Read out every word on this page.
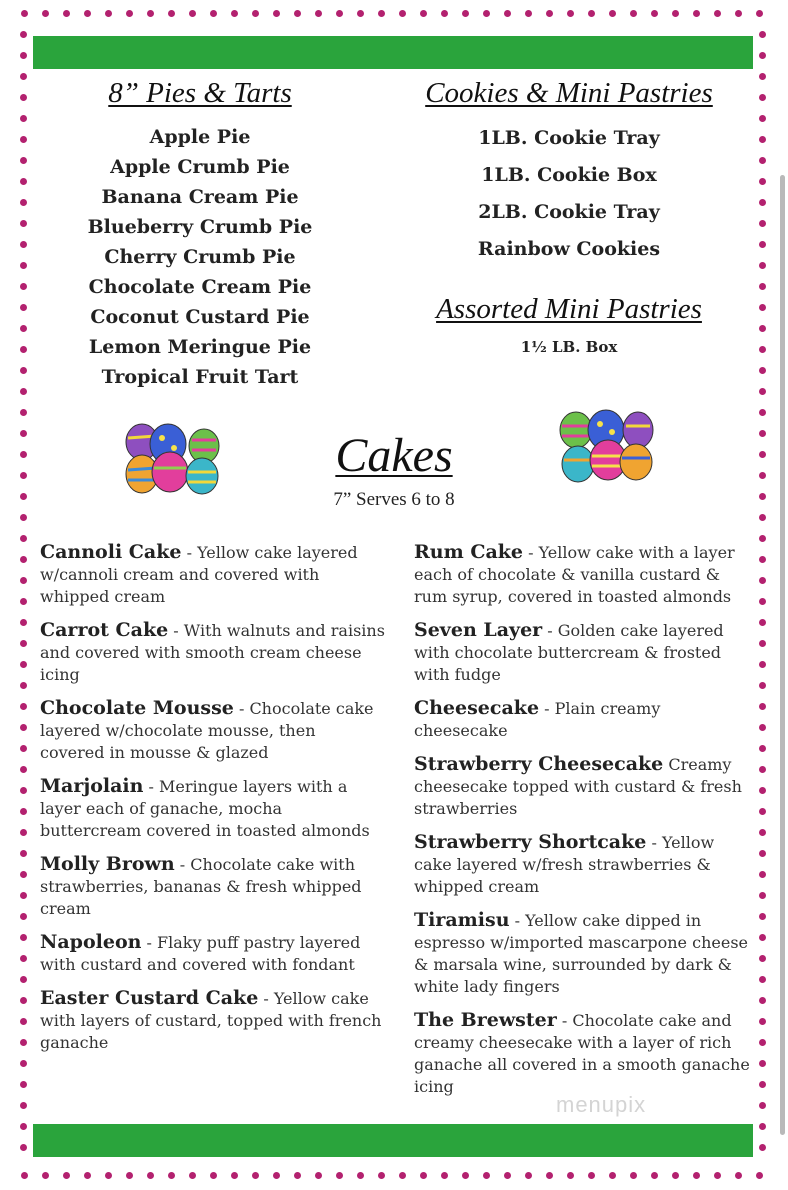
8” Pies & Tarts
Apple Pie
Apple Crumb Pie
Banana Cream Pie
Blueberry Crumb Pie
Cherry Crumb Pie
Chocolate Cream Pie
Coconut Custard Pie
Lemon Meringue Pie
Tropical Fruit Tart
Cookies & Mini Pastries
1LB. Cookie Tray
1LB. Cookie Box
2LB. Cookie Tray
Rainbow Cookies
Assorted Mini Pastries
1½ LB. Box
Cakes
7” Serves 6 to 8

Cannoli Cake - Yellow cake layered w/cannoli cream and covered with whipped cream

Carrot Cake - With walnuts and raisins and covered with smooth cream cheese icing

Chocolate Mousse - Chocolate cake layered w/chocolate mousse, then covered in mousse & glazed

Marjolain - Meringue layers with a layer each of ganache, mocha buttercream covered in toasted almonds

Molly Brown - Chocolate cake with strawberries, bananas & fresh whipped cream

Napoleon - Flaky puff pastry layered with custard and covered with fondant

Easter Custard Cake - Yellow cake with layers of custard, topped with french ganache

Rum Cake - Yellow cake with a layer each of chocolate & vanilla custard & rum syrup, covered in toasted almonds

Seven Layer - Golden cake layered with chocolate buttercream & frosted with fudge

Cheesecake - Plain creamy cheesecake

Strawberry Cheesecake Creamy cheesecake topped with custard & fresh strawberries

Strawberry Shortcake - Yellow cake layered w/fresh strawberries & whipped cream

Tiramisu - Yellow cake dipped in espresso w/imported mascarpone cheese & marsala wine, surrounded by dark & white lady fingers

The Brewster - Chocolate cake and creamy cheesecake with a layer of rich ganache all covered in a smooth ganache icing

menupix
